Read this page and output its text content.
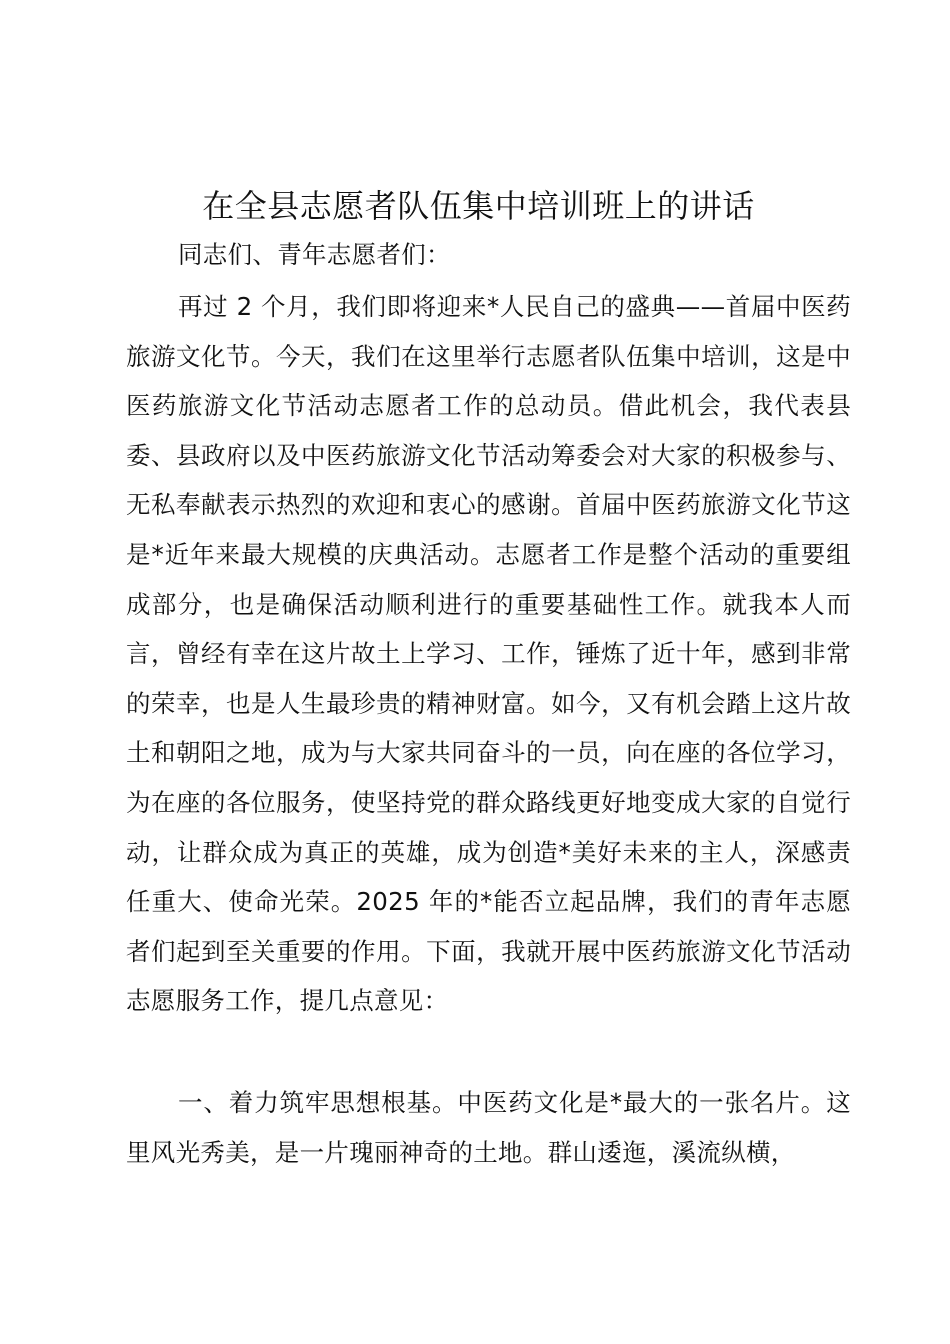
在全县志愿者队伍集中培训班上的讲话

同志们、青年志愿者们：

再过 2 个月，我们即将迎来*人民自己的盛典——首届中医药旅游文化节。今天，我们在这里举行志愿者队伍集中培训，这是中医药旅游文化节活动志愿者工作的总动员。借此机会，我代表县委、县政府以及中医药旅游文化节活动筹委会对大家的积极参与、无私奉献表示热烈的欢迎和衷心的感谢。首届中医药旅游文化节这是*近年来最大规模的庆典活动。志愿者工作是整个活动的重要组成部分，也是确保活动顺利进行的重要基础性工作。就我本人而言，曾经有幸在这片故土上学习、工作，锤炼了近十年，感到非常的荣幸，也是人生最珍贵的精神财富。如今，又有机会踏上这片故土和朝阳之地，成为与大家共同奋斗的一员，向在座的各位学习，为在座的各位服务，使坚持党的群众路线更好地变成大家的自觉行动，让群众成为真正的英雄，成为创造*美好未来的主人，深感责任重大、使命光荣。2025 年的*能否立起品牌，我们的青年志愿者们起到至关重要的作用。下面，我就开展中医药旅游文化节活动志愿服务工作，提几点意见：

一、着力筑牢思想根基。中医药文化是*最大的一张名片。这里风光秀美，是一片瑰丽神奇的土地。群山逶迤，溪流纵横，
